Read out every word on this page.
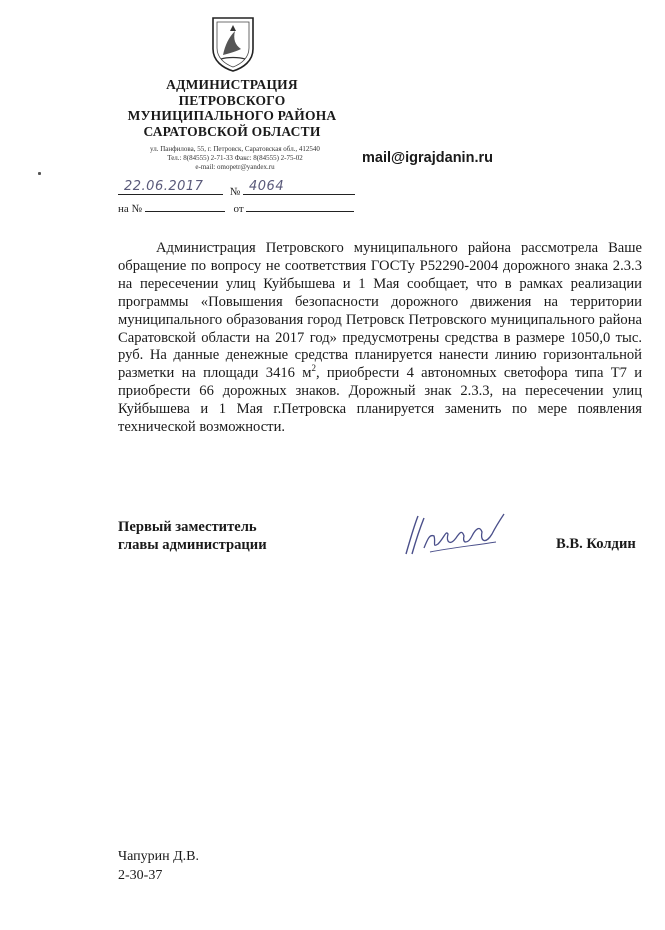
АДМИНИСТРАЦИЯ
ПЕТРОВСКОГО
МУНИЦИПАЛЬНОГО РАЙОНА
САРАТОВСКОЙ ОБЛАСТИ
ул. Панфилова, 55, г. Петровск, Саратовская обл., 412540
Тел.: 8(84555) 2-71-33 Факс: 8(84555) 2-75-02
e-mail: omopetr@yandex.ru
mail@igrajdanin.ru
22.06.2017 № 4064
на №	от
Администрация Петровского муниципального района рассмотрела Ваше обращение по вопросу не соответствия ГОСТу Р52290-2004 дорожного знака 2.3.3 на пересечении улиц Куйбышева и 1 Мая сообщает, что в рамках реализации программы «Повышения безопасности дорожного движения на территории муниципального образования город Петровск Петровского муниципального района Саратовской области на 2017 год» предусмотрены средства в размере 1050,0 тыс. руб. На данные денежные средства планируется нанести линию горизонтальной разметки на площади 3416 $м^2$, приобрести 4 автономных светофора типа Т7 и приобрести 66 дорожных знаков. Дорожный знак 2.3.3, на пересечении улиц Куйбышева и 1 Мая г.Петровска планируется заменить по мере появления технической возможности.
Первый заместитель
главы администрации	В.В. Колдин
Чапурин Д.В.
2-30-37
